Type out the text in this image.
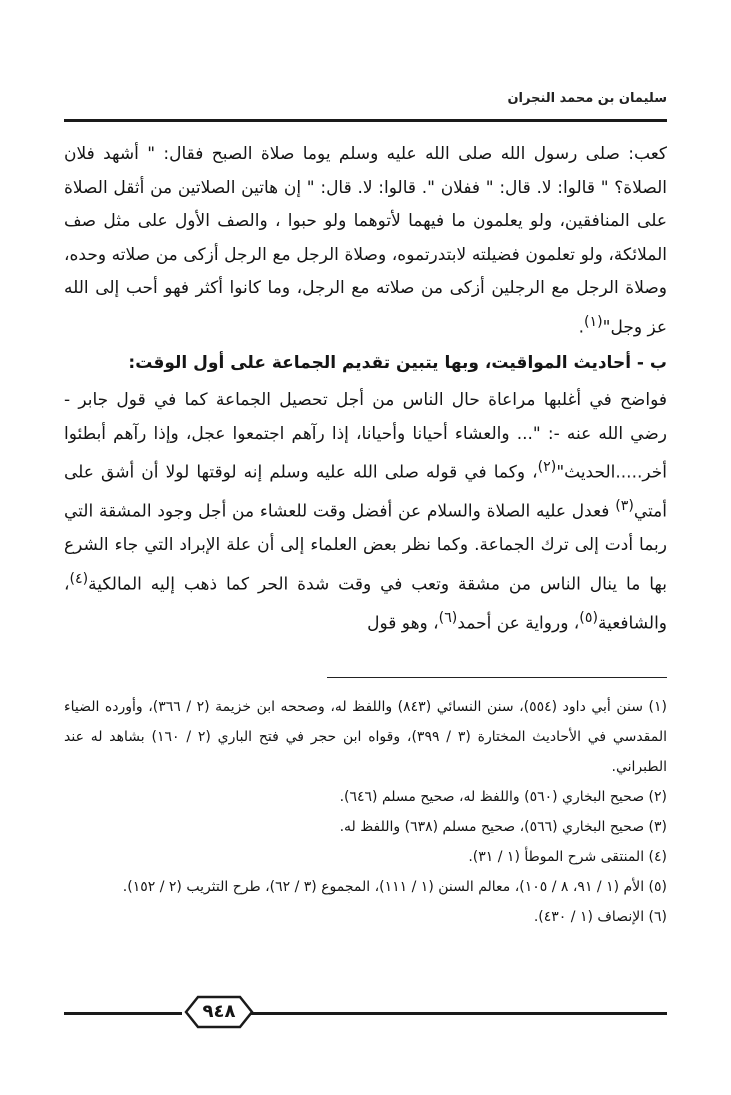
سليمان بن محمد النجران

كعب: صلى رسول الله صلى الله عليه وسلم يوما صلاة الصبح فقال: " أشهد فلان الصلاة؟ " قالوا: لا. قال: " ففلان ". قالوا: لا. قال: " إن هاتين الصلاتين من أثقل الصلاة على المنافقين، ولو يعلمون ما فيهما لأتوهما ولو حبوا ، والصف الأول على مثل صف الملائكة، ولو تعلمون فضيلته لابتدرتموه، وصلاة الرجل مع الرجل أزكى من صلاته وحده، وصلاة الرجل مع الرجلين أزكى من صلاته مع الرجل، وما كانوا أكثر فهو أحب إلى الله عز وجل"$^{(١)}$.

ب - أحاديث المواقيت، وبها يتبين تقديم الجماعة على أول الوقت:

فواضح في أغلبها مراعاة حال الناس من أجل تحصيل الجماعة كما في قول جابر - رضي الله عنه -: "... والعشاء أحيانا وأحيانا، إذا رآهم اجتمعوا عجل، وإذا رآهم أبطئوا أخر.....الحديث"$^{(٢)}$، وكما في قوله صلى الله عليه وسلم إنه لوقتها لولا أن أشق على أمتي$^{(٣)}$ فعدل عليه الصلاة والسلام عن أفضل وقت للعشاء من أجل وجود المشقة التي ربما أدت إلى ترك الجماعة. وكما نظر بعض العلماء إلى أن علة الإبراد التي جاء الشرع بها ما ينال الناس من مشقة وتعب في وقت شدة الحر كما ذهب إليه المالكية$^{(٤)}$، والشافعية$^{(٥)}$، ورواية عن أحمد$^{(٦)}$، وهو قول

(١) سنن أبي داود (٥٥٤)، سنن النسائي (٨٤٣) واللفظ له، وصححه ابن خزيمة (٢ / ٣٦٦)، وأورده الضياء المقدسي في الأحاديث المختارة (٣ / ٣٩٩)، وقواه ابن حجر في فتح الباري (٢ / ١٦٠) بشاهد له عند الطبراني.

(٢) صحيح البخاري (٥٦٠) واللفظ له، صحيح مسلم (٦٤٦).

(٣) صحيح البخاري (٥٦٦)، صحيح مسلم (٦٣٨) واللفظ له.

(٤) المنتقى شرح الموطأ (١ / ٣١).

(٥) الأم (١ / ٩١، ٨ / ١٠٥)، معالم السنن (١ / ١١١)، المجموع (٣ / ٦٢)، طرح التثريب (٢ / ١٥٢).

(٦) الإنصاف (١ / ٤٣٠).

٩٤٨
